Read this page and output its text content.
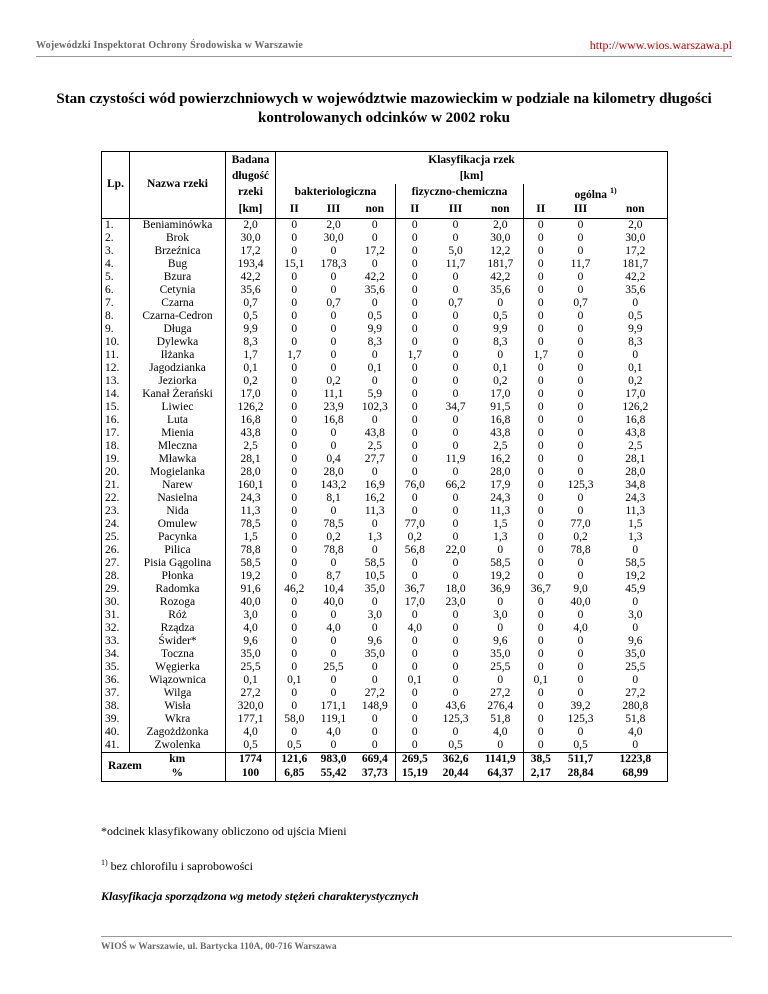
Wojewódzki Inspektorat Ochrony Środowiska w Warszawie	http://www.wios.warszawa.pl
Stan czystości wód powierzchniowych w województwie mazowieckim w podziale na kilometry długości kontrolowanych odcinków w 2002 roku
Lp.	Nazwa rzeki	Badana	Klasyfikacja rzek								
		długość	[km]								
		rzeki	bakteriologiczna			fizyczno-chemiczna			ogólna $^{1)}$
		[km]	II	III	non	II	III	non	II	III	non
1.	Beniaminówka	2,0	0	2,0	0	0	0	2,0	0	0	2,0
2.	Brok	30,0	0	30,0	0	0	0	30,0	0	0	30,0
3.	Brzeźnica	17,2	0	0	17,2	0	5,0	12,2	0	0	17,2
4.	Bug	193,4	15,1	178,3	0	0	11,7	181,7	0	11,7	181,7
5.	Bzura	42,2	0	0	42,2	0	0	42,2	0	0	42,2
6.	Cetynia	35,6	0	0	35,6	0	0	35,6	0	0	35,6
7.	Czarna	0,7	0	0,7	0	0	0,7	0	0	0,7	0
8.	Czarna-Cedron	0,5	0	0	0,5	0	0	0,5	0	0	0,5
9.	Długa	9,9	0	0	9,9	0	0	9,9	0	0	9,9
10.	Dylewka	8,3	0	0	8,3	0	0	8,3	0	0	8,3
11.	Iłżanka	1,7	1,7	0	0	1,7	0	0	1,7	0	0
12.	Jagodzianka	0,1	0	0	0,1	0	0	0,1	0	0	0,1
13.	Jeziorka	0,2	0	0,2	0	0	0	0,2	0	0	0,2
14.	Kanał Żerański	17,0	0	11,1	5,9	0	0	17,0	0	0	17,0
15.	Liwiec	126,2	0	23,9	102,3	0	34,7	91,5	0	0	126,2
16.	Luta	16,8	0	16,8	0	0	0	16,8	0	0	16,8
17.	Mienia	43,8	0	0	43,8	0	0	43,8	0	0	43,8
18.	Mleczna	2,5	0	0	2,5	0	0	2,5	0	0	2,5
19.	Mławka	28,1	0	0,4	27,7	0	11,9	16,2	0	0	28,1
20.	Mogielanka	28,0	0	28,0	0	0	0	28,0	0	0	28,0
21.	Narew	160,1	0	143,2	16,9	76,0	66,2	17,9	0	125,3	34,8
22.	Nasielna	24,3	0	8,1	16,2	0	0	24,3	0	0	24,3
23.	Nida	11,3	0	0	11,3	0	0	11,3	0	0	11,3
24.	Omulew	78,5	0	78,5	0	77,0	0	1,5	0	77,0	1,5
25.	Pacynka	1,5	0	0,2	1,3	0,2	0	1,3	0	0,2	1,3
26.	Pilica	78,8	0	78,8	0	56,8	22,0	0	0	78,8	0
27.	Pisia Gągolina	58,5	0	0	58,5	0	0	58,5	0	0	58,5
28.	Płonka	19,2	0	8,7	10,5	0	0	19,2	0	0	19,2
29.	Radomka	91,6	46,2	10,4	35,0	36,7	18,0	36,9	36,7	9,0	45,9
30.	Rozoga	40,0	0	40,0	0	17,0	23,0	0	0	40,0	0
31.	Róż	3,0	0	0	3,0	0	0	3,0	0	0	3,0
32.	Rządza	4,0	0	4,0	0	4,0	0	0	0	4,0	0
33.	Świder*	9,6	0	0	9,6	0	0	9,6	0	0	9,6
34.	Toczna	35,0	0	0	35,0	0	0	35,0	0	0	35,0
35.	Węgierka	25,5	0	25,5	0	0	0	25,5	0	0	25,5
36.	Wiązownica	0,1	0,1	0	0	0,1	0	0	0,1	0	0
37.	Wilga	27,2	0	0	27,2	0	0	27,2	0	0	27,2
38.	Wisła	320,0	0	171,1	148,9	0	43,6	276,4	0	39,2	280,8
39.	Wkra	177,1	58,0	119,1	0	0	125,3	51,8	0	125,3	51,8
40.	Zagożdżonka	4,0	0	4,0	0	0	0	4,0	0	0	4,0
41.	Zwolenka	0,5	0,5	0	0	0	0,5	0	0	0,5	0
Razem	km	1774	121,6	983,0	669,4	269,5	362,6	1141,9	38,5	511,7	1223,8
	%	100	6,85	55,42	37,73	15,19	20,44	64,37	2,17	28,84	68,99
*odcinek klasyfikowany obliczono od ujścia Mieni
$^{1)}$ bez chlorofilu i saprobowości
Klasyfikacja sporządzona wg metody stężeń charakterystycznych
WIOŚ w Warszawie, ul. Bartycka 110A, 00-716 Warszawa
